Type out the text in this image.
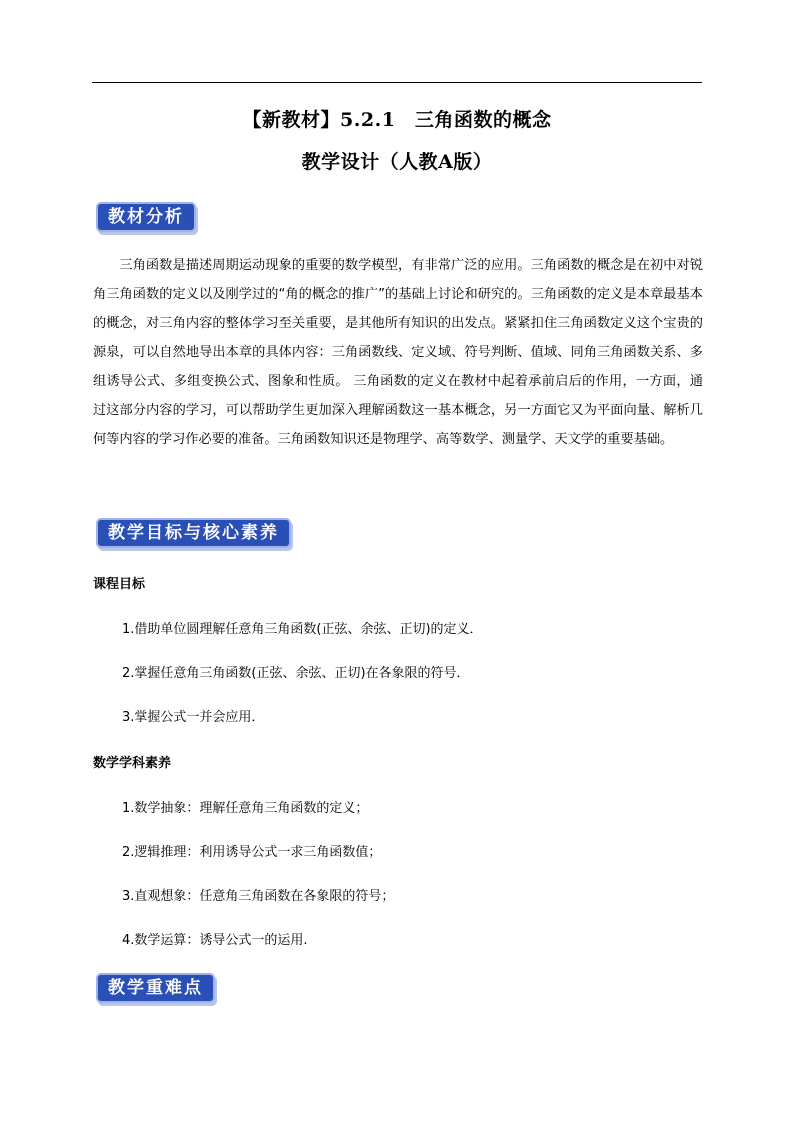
【新教材】5.2.1　三角函数的概念
教学设计（人教A版）
教材分析
三角函数是描述周期运动现象的重要的数学模型，有非常广泛的应用。三角函数的概念是在初中对锐角三角函数的定义以及刚学过的“角的概念的推广”的基础上讨论和研究的。三角函数的定义是本章最基本的概念，对三角内容的整体学习至关重要，是其他所有知识的出发点。紧紧扣住三角函数定义这个宝贵的源泉，可以自然地导出本章的具体内容：三角函数线、定义域、符号判断、值域、同角三角函数关系、多组诱导公式、多组变换公式、图象和性质。 三角函数的定义在教材中起着承前启后的作用，一方面，通过这部分内容的学习，可以帮助学生更加深入理解函数这一基本概念，另一方面它又为平面向量、解析几何等内容的学习作必要的准备。三角函数知识还是物理学、高等数学、测量学、天文学的重要基础。
教学目标与核心素养
课程目标
1.借助单位圆理解任意角三角函数(正弦、余弦、正切)的定义．
2.掌握任意角三角函数(正弦、余弦、正切)在各象限的符号．
3.掌握公式一并会应用．
数学学科素养
1.数学抽象：理解任意角三角函数的定义；
2.逻辑推理：利用诱导公式一求三角函数值；
3.直观想象：任意角三角函数在各象限的符号；
4.数学运算：诱导公式一的运用.
教学重难点
